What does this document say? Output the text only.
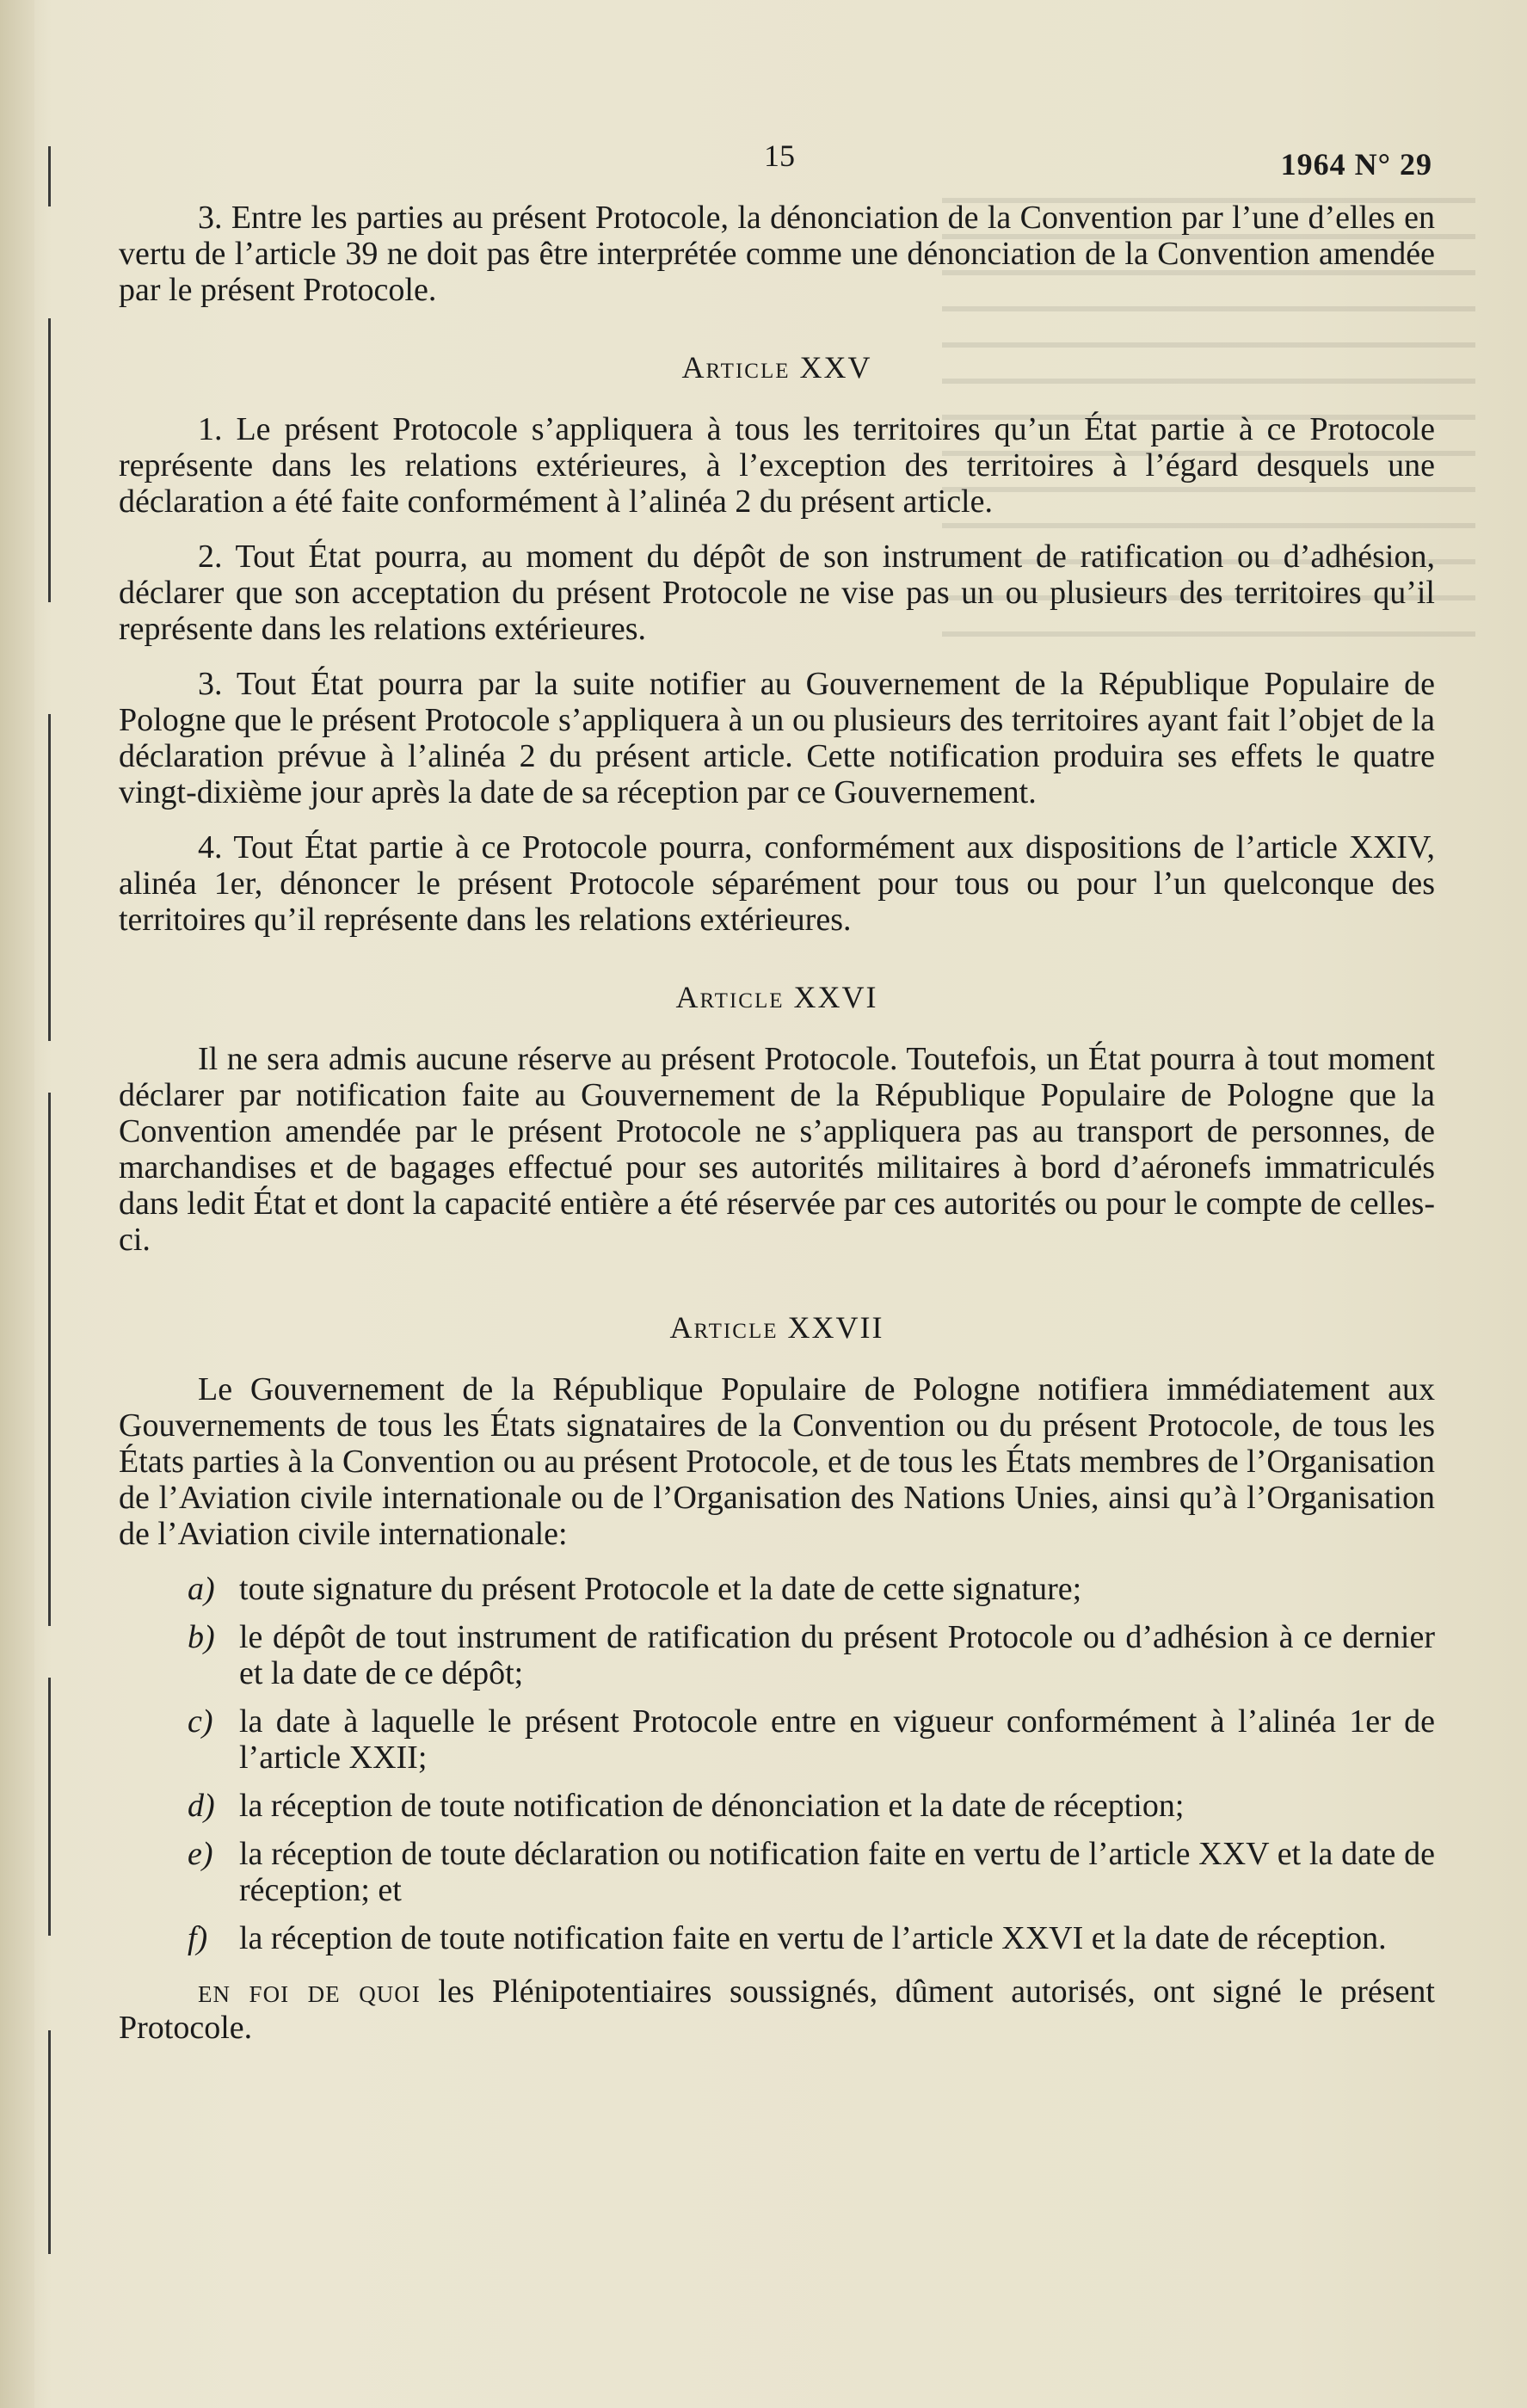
15	1964 N° 29

3. Entre les parties au présent Protocole, la dénonciation de la Convention par l’une d’elles en vertu de l’article 39 ne doit pas être interprétée comme une dénonciation de la Convention amendée par le présent Protocole.

Article XXV

1. Le présent Protocole s’appliquera à tous les territoires qu’un État partie à ce Protocole représente dans les relations extérieures, à l’exception des territoires à l’égard desquels une déclaration a été faite conformément à l’alinéa 2 du présent article.

2. Tout État pourra, au moment du dépôt de son instrument de ratification ou d’adhésion, déclarer que son acceptation du présent Protocole ne vise pas un ou plusieurs des territoires qu’il représente dans les relations extérieures.

3. Tout État pourra par la suite notifier au Gouvernement de la République Populaire de Pologne que le présent Protocole s’appliquera à un ou plusieurs des territoires ayant fait l’objet de la déclaration prévue à l’alinéa 2 du présent article. Cette notification produira ses effets le quatre vingt-dixième jour après la date de sa réception par ce Gouvernement.

4. Tout État partie à ce Protocole pourra, conformément aux dispositions de l’article XXIV, alinéa 1er, dénoncer le présent Protocole séparément pour tous ou pour l’un quelconque des territoires qu’il représente dans les relations extérieures.

Article XXVI

Il ne sera admis aucune réserve au présent Protocole. Toutefois, un État pourra à tout moment déclarer par notification faite au Gouvernement de la République Populaire de Pologne que la Convention amendée par le présent Protocole ne s’appliquera pas au transport de personnes, de marchandises et de bagages effectué pour ses autorités militaires à bord d’aéronefs immatriculés dans ledit État et dont la capacité entière a été réservée par ces autorités ou pour le compte de celles-ci.

Article XXVII

Le Gouvernement de la République Populaire de Pologne notifiera immédiatement aux Gouvernements de tous les États signataires de la Convention ou du présent Protocole, de tous les États parties à la Convention ou au présent Protocole, et de tous les États membres de l’Organisation de l’Aviation civile internationale ou de l’Organisation des Nations Unies, ainsi qu’à l’Organisation de l’Aviation civile internationale:

a) toute signature du présent Protocole et la date de cette signature;
b) le dépôt de tout instrument de ratification du présent Protocole ou d’adhésion à ce dernier et la date de ce dépôt;
c) la date à laquelle le présent Protocole entre en vigueur conformément à l’alinéa 1er de l’article XXII;
d) la réception de toute notification de dénonciation et la date de réception;
e) la réception de toute déclaration ou notification faite en vertu de l’article XXV et la date de réception; et
f) la réception de toute notification faite en vertu de l’article XXVI et la date de réception.

en foi de quoi les Plénipotentiaires soussignés, dûment autorisés, ont signé le présent Protocole.
